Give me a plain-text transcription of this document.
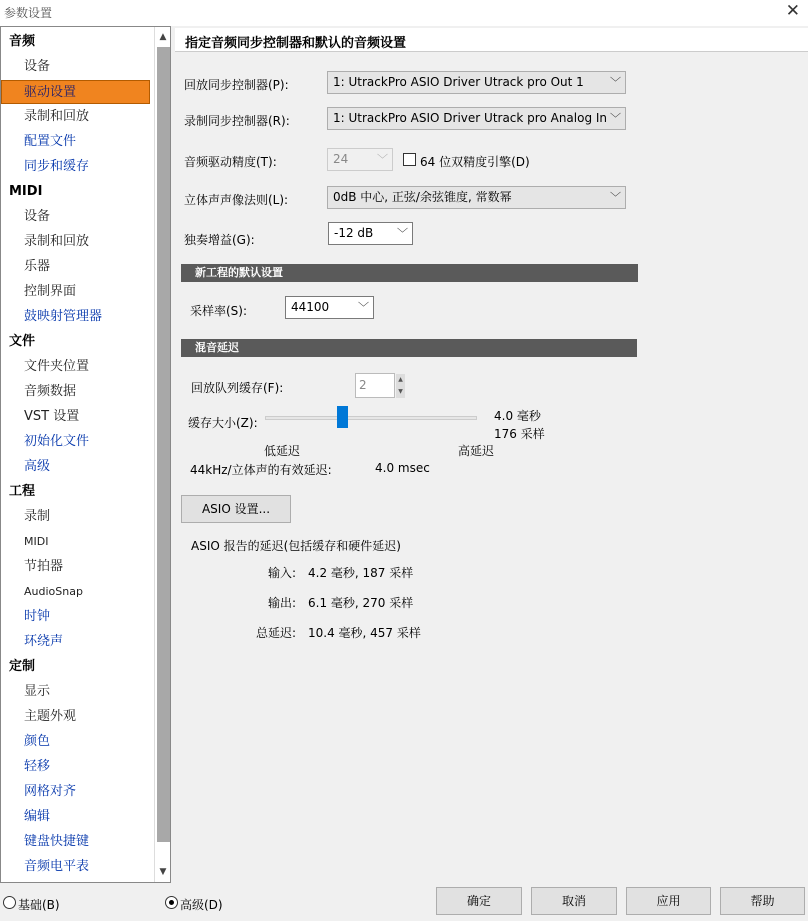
参数设置	✕
音频
设备
驱动设置
录制和回放
配置文件
同步和缓存
MIDI
设备
录制和回放
乐器
控制界面
鼓映射管理器
文件
文件夹位置
音频数据
VST 设置
初始化文件
高级
工程
录制
MIDI
节拍器
AudioSnap
时钟
环绕声
定制
显示
主题外观
颜色
轻移
网格对齐
编辑
键盘快捷键
音频电平表
▲
▼
指定音频同步控制器和默认的音频设置
回放同步控制器(P):	1: UtrackPro ASIO Driver Utrack pro Out 1 ﹀
录制同步控制器(R):	1: UtrackPro ASIO Driver Utrack pro Analog In ﹀
音频驱动精度(T):	24	﹀	64 位双精度引擎(D)
立体声声像法则(L):	0dB 中心, 正弦/余弦锥度, 常数幂	﹀
独奏增益(G):	-12 dB ﹀
新工程的默认设置
采样率(S):	44100	﹀
混音延迟
回放队列缓存(F):	2	▲
▼
缓存大小(Z):	4.0 毫秒
176 采样
低延迟	高延迟
44kHz/立体声的有效延迟:	4.0 msec
ASIO 设置...
ASIO 报告的延迟(包括缓存和硬件延迟)
输入: 4.2 毫秒, 187 采样
输出: 6.1 毫秒, 270 采样
总延迟: 10.4 毫秒, 457 采样
基础(B)	高级(D)	确定	取消	应用	帮助
